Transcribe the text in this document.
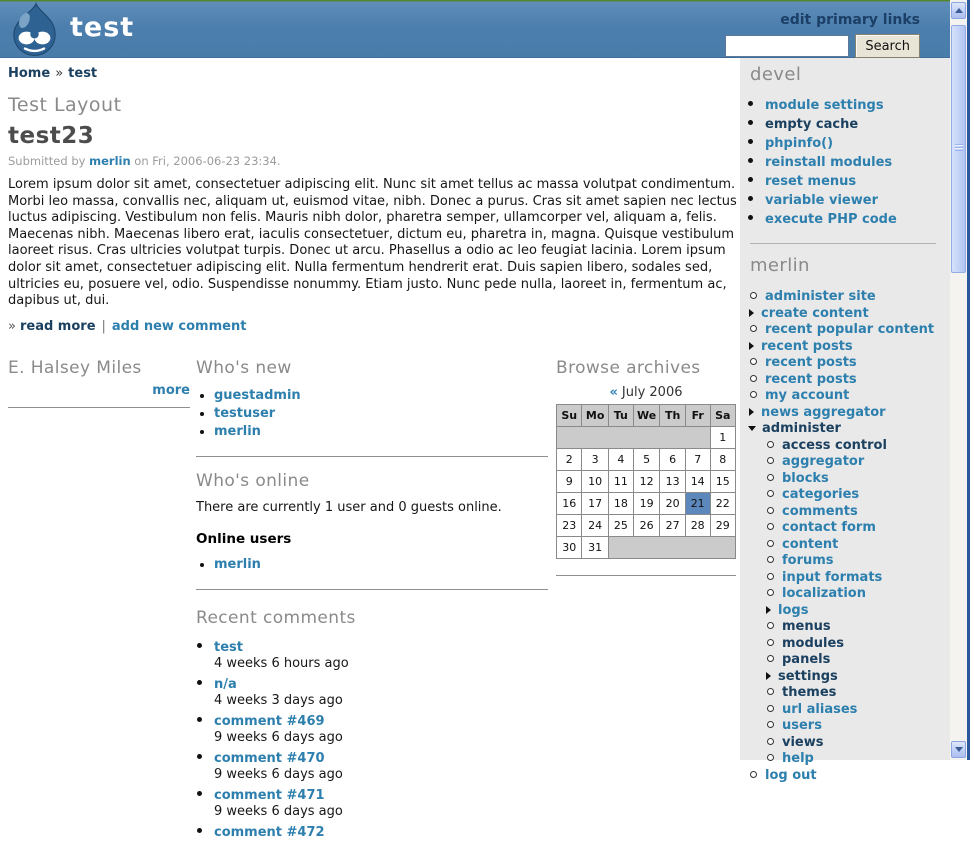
test	edit primary links
Search
Home » test
Test Layout
test23
Submitted by merlin on Fri, 2006-06-23 23:34.
Lorem ipsum dolor sit amet, consectetuer adipiscing elit. Nunc sit amet tellus ac massa volutpat condimentum. Morbi leo massa, convallis nec, aliquam ut, euismod vitae, nibh. Donec a purus. Cras sit amet sapien nec lectus luctus adipiscing. Vestibulum non felis. Mauris nibh dolor, pharetra semper, ullamcorper vel, aliquam a, felis. Maecenas nibh. Maecenas libero erat, iaculis consectetuer, dictum eu, pharetra in, magna. Quisque vestibulum laoreet risus. Cras ultricies volutpat turpis. Donec ut arcu. Phasellus a odio ac leo feugiat lacinia. Lorem ipsum dolor sit amet, consectetuer adipiscing elit. Nulla fermentum hendrerit erat. Duis sapien libero, sodales sed, ultricies eu, posuere vel, odio. Suspendisse nonummy. Etiam justo. Nunc pede nulla, laoreet in, fermentum ac, dapibus ut, dui.
» read more | add new comment
E. Halsey Miles
more
Who's new
• guestadmin
• testuser
• merlin
Who's online
There are currently 1 user and 0 guests online.
Online users
• merlin
Recent comments
• test
4 weeks 6 hours ago
• n/a
4 weeks 3 days ago
• comment #469
9 weeks 6 days ago
• comment #470
9 weeks 6 days ago
• comment #471
9 weeks 6 days ago
• comment #472
Browse archives
« July 2006
Su	Mo	Tu	We	Th	Fr	Sa
						1
2	3	4	5	6	7	8
9	10	11	12	13	14	15
16	17	18	19	20	21	22
23	24	25	26	27	28	29
30	31					
devel
• module settings
• empty cache
• phpinfo()
• reinstall modules
• reset menus
• variable viewer
• execute PHP code
merlin
administer site
create content
recent popular content
recent posts
recent posts
recent posts
my account
news aggregator
administer
access control
aggregator
blocks
categories
comments
contact form
content
forums
input formats
localization
logs
menus
modules
panels
settings
themes
url aliases
users
views
help
log out
